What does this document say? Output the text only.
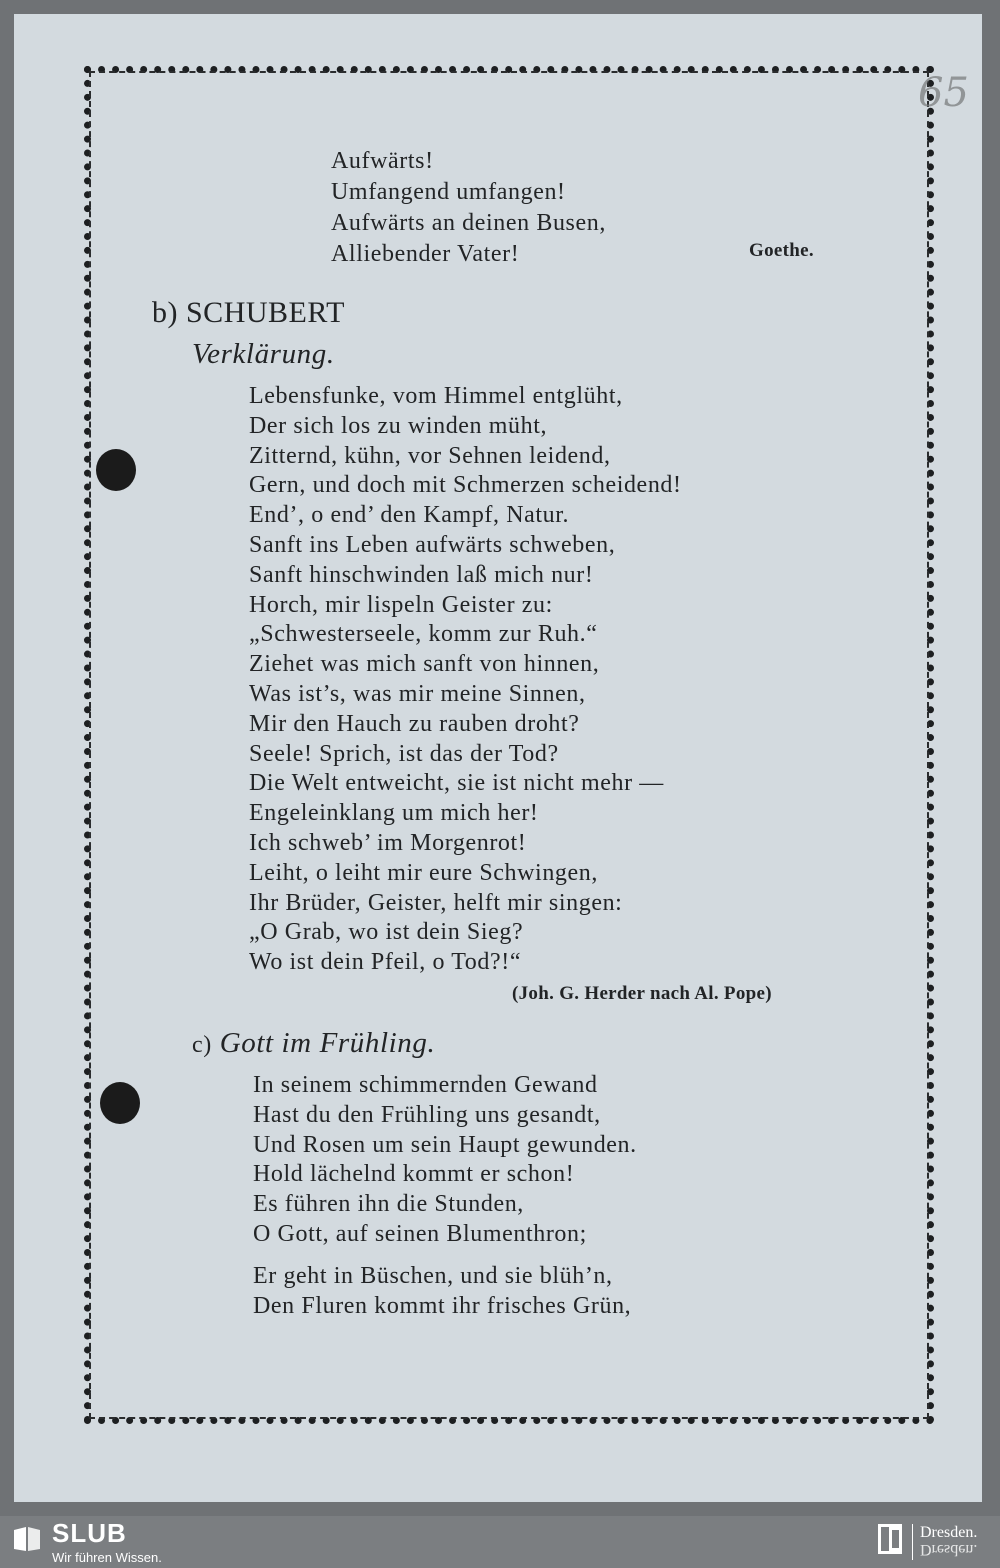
65
Aufwärts!
Umfangend umfangen!
Aufwärts an deinen Busen,
Alliebender Vater!	Goethe.
b) SCHUBERT
Verklärung.
Lebensfunke, vom Himmel entglüht,
Der sich los zu winden müht,
Zitternd, kühn, vor Sehnen leidend,
Gern, und doch mit Schmerzen scheidend!
End’, o end’ den Kampf, Natur.
Sanft ins Leben aufwärts schweben,
Sanft hinschwinden laß mich nur!
Horch, mir lispeln Geister zu:
„Schwesterseele, komm zur Ruh.“
Ziehet was mich sanft von hinnen,
Was ist’s, was mir meine Sinnen,
Mir den Hauch zu rauben droht?
Seele! Sprich, ist das der Tod?
Die Welt entweicht, sie ist nicht mehr —
Engeleinklang um mich her!
Ich schweb’ im Morgenrot!
Leiht, o leiht mir eure Schwingen,
Ihr Brüder, Geister, helft mir singen:
„O Grab, wo ist dein Sieg?
Wo ist dein Pfeil, o Tod?!“
(Joh. G. Herder nach Al. Pope)
c) Gott im Frühling.
In seinem schimmernden Gewand
Hast du den Frühling uns gesandt,
Und Rosen um sein Haupt gewunden.
Hold lächelnd kommt er schon!
Es führen ihn die Stunden,
O Gott, auf seinen Blumenthron;
Er geht in Büschen, und sie blüh’n,
Den Fluren kommt ihr frisches Grün,
SLUB
Wir führen Wissen.
Dresden.
Dresden.
